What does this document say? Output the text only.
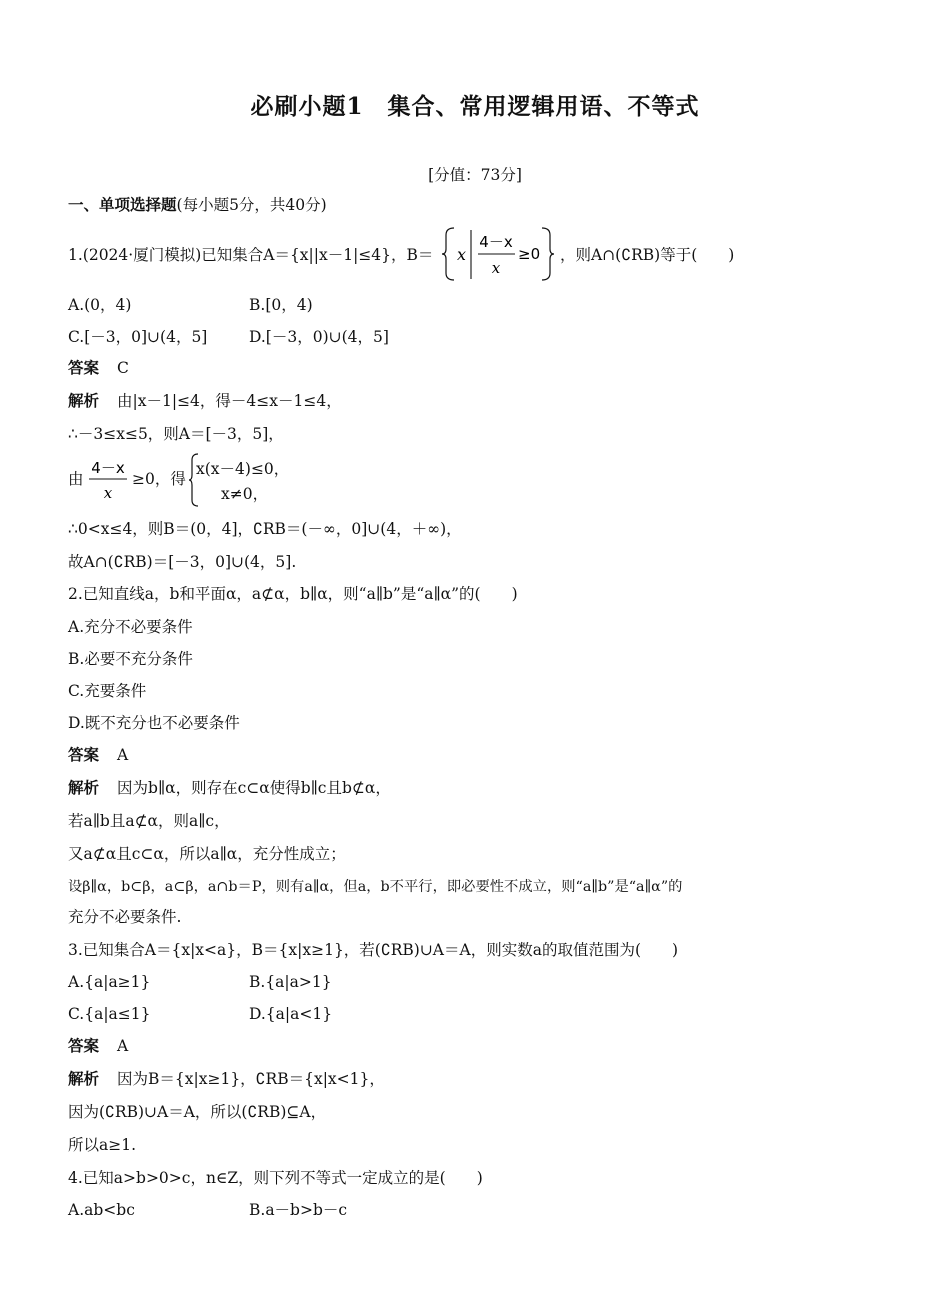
必刷小题1　集合、常用逻辑用语、不等式
[分值：73分]
一、单项选择题(每小题5分，共40分)
1.(2024·厦门模拟)已知集合A＝{x||x－1|≤4}，B＝ x
4－x
x
≥0 ，则A∩(∁RB)等于(　　)
A.(0，4)	B.[0，4)
C.[－3，0]∪(4，5]	D.[－3，0)∪(4，5]
答案 C
解析 由|x－1|≤4，得－4≤x－1≤4，
∴－3≤x≤5，则A＝[－3，5]，
由
4－x
x
≥0，得
x(x－4)≤0，
x≠0，
∴0<x≤4，则B＝(0，4]，∁RB＝(－∞，0]∪(4，＋∞)，
故A∩(∁RB)＝[－3，0]∪(4，5].
2.已知直线a，b和平面α，a⊄α，b∥α，则“a∥b”是“a∥α”的(　　)
A.充分不必要条件
B.必要不充分条件
C.充要条件
D.既不充分也不必要条件
答案 A
解析 因为b∥α，则存在c⊂α使得b∥c且b⊄α，
若a∥b且a⊄α，则a∥c，
又a⊄α且c⊂α，所以a∥α，充分性成立；
设β∥α，b⊂β，a⊂β，a∩b＝P，则有a∥α，但a，b不平行，即必要性不成立，则“a∥b”是“a∥α”的
充分不必要条件.
3.已知集合A＝{x|x<a}，B＝{x|x≥1}，若(∁RB)∪A＝A，则实数a的取值范围为(　　)
A.{a|a≥1}	B.{a|a>1}
C.{a|a≤1}	D.{a|a<1}
答案 A
解析 因为B＝{x|x≥1}，∁RB＝{x|x<1}，
因为(∁RB)∪A＝A，所以(∁RB)⊆A，
所以a≥1.
4.已知a>b>0>c，n∈Z，则下列不等式一定成立的是(　　)
A.ab<bc	B.a－b>b－c
